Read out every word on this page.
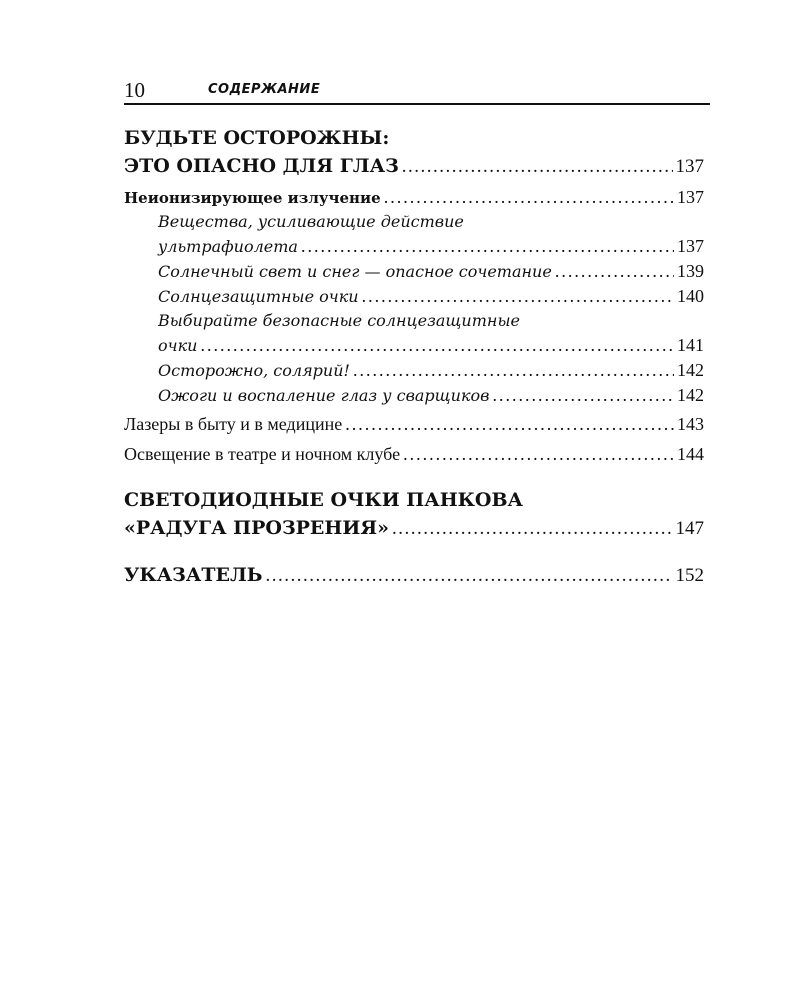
10	СОДЕРЖАНИЕ
БУДЬТЕ ОСТОРОЖНЫ:
ЭТО ОПАСНО ДЛЯ ГЛАЗ .....	137
Неионизирующее излучение .....	137
Вещества, усиливающие действие
ультрафиолета .....	137
Солнечный свет и снег — опасное сочетание .....	139
Солнцезащитные очки .....	140
Выбирайте безопасные солнцезащитные
очки .....	141
Осторожно, солярий! .....	142
Ожоги и воспаление глаз у сварщиков .....	142
Лазеры в быту и в медицине .....	143
Освещение в театре и ночном клубе .....	144
СВЕТОДИОДНЫЕ ОЧКИ ПАНКОВА
«РАДУГА ПРОЗРЕНИЯ» .....	147
УКАЗАТЕЛЬ .....	152
